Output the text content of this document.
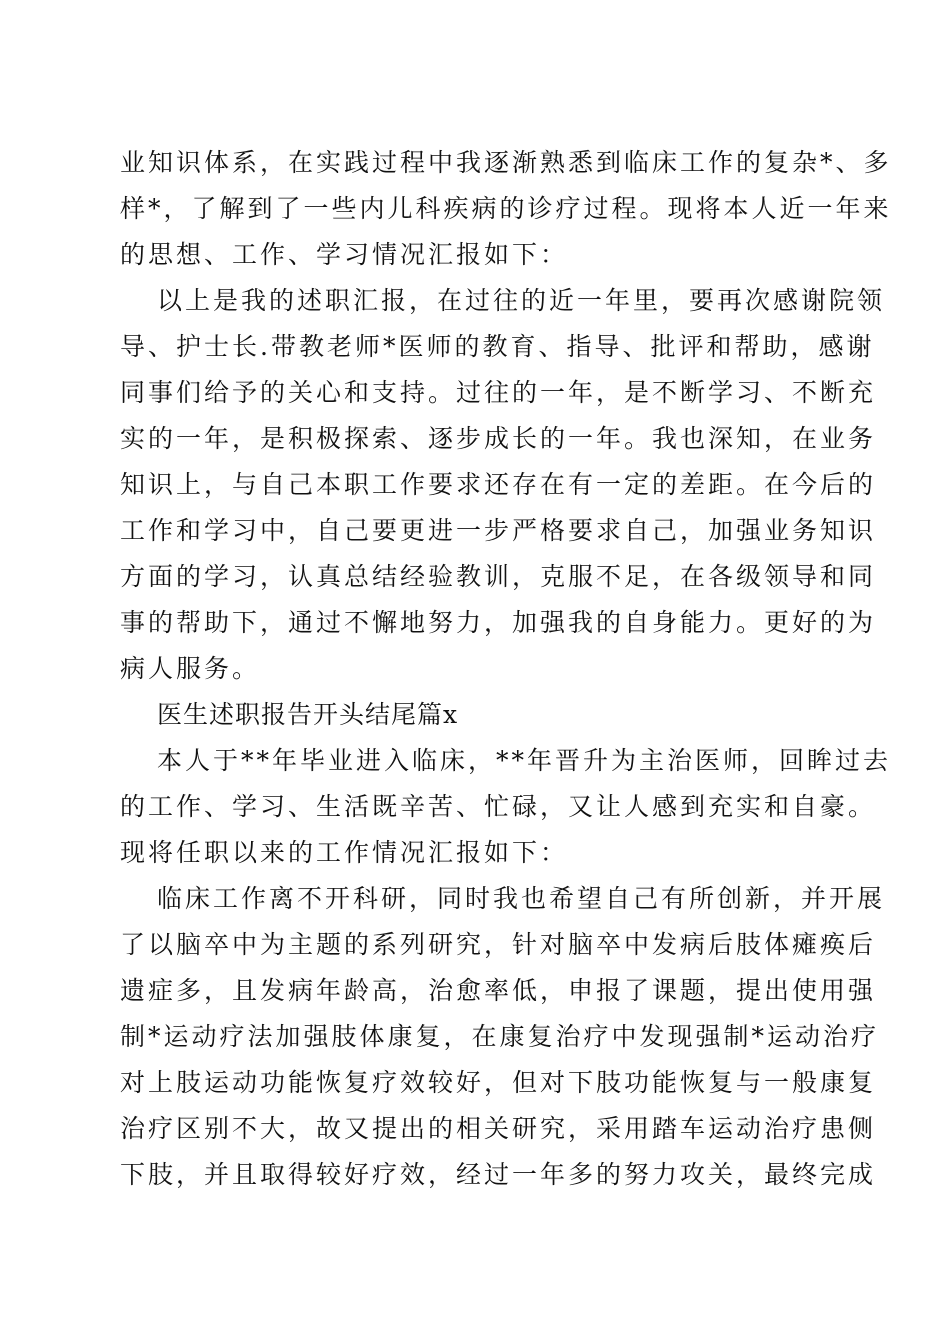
业知识体系，在实践过程中我逐渐熟悉到临床工作的复杂*、多
样*，了解到了一些内儿科疾病的诊疗过程。现将本人近一年来
的思想、工作、学习情况汇报如下：
以上是我的述职汇报，在过往的近一年里，要再次感谢院领
导、护士长.带教老师*医师的教育、指导、批评和帮助，感谢
同事们给予的关心和支持。过往的一年，是不断学习、不断充
实的一年，是积极探索、逐步成长的一年。我也深知，在业务
知识上，与自己本职工作要求还存在有一定的差距。在今后的
工作和学习中，自己要更进一步严格要求自己，加强业务知识
方面的学习，认真总结经验教训，克服不足，在各级领导和同
事的帮助下，通过不懈地努力，加强我的自身能力。更好的为
病人服务。
医生述职报告开头结尾篇x
本人于**年毕业进入临床，**年晋升为主治医师，回眸过去
的工作、学习、生活既辛苦、忙碌，又让人感到充实和自豪。
现将任职以来的工作情况汇报如下：
临床工作离不开科研，同时我也希望自己有所创新，并开展
了以脑卒中为主题的系列研究，针对脑卒中发病后肢体瘫痪后
遗症多，且发病年龄高，治愈率低，申报了课题，提出使用强
制*运动疗法加强肢体康复，在康复治疗中发现强制*运动治疗
对上肢运动功能恢复疗效较好，但对下肢功能恢复与一般康复
治疗区别不大，故又提出的相关研究，采用踏车运动治疗患侧
下肢，并且取得较好疗效，经过一年多的努力攻关，最终完成
